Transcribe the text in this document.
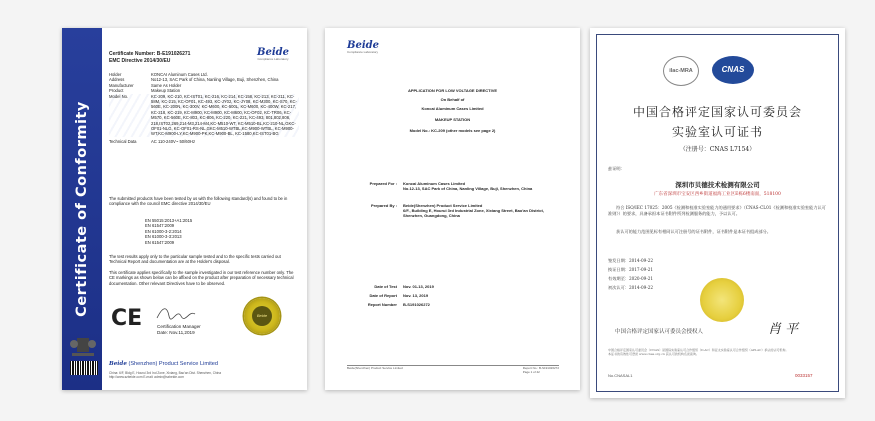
Certificate of Conformity
Certificate Number: B-E191026271
EMC Directive 2014/30/EU
Beide
Compliance Laboratory
Holder	KONCAI Aluminum Cases Ltd.
Address	No12-13, SAC Park of China, Nanling Village, Buji, Shenzhen, China
Manufacturer	Same As Holder
Product	Makeup Station
Model No.	KC-209, KC-210, KC-IST01, KC-216, KC-214, KC-158, KC-213, KC-211, KC-58M, KC-215, KC-OF01, KC-493, KC-JY02, KC-JY08, KC-M300, KC-S70, KC-560E, KC-200N, KC-300V, KC-M600, KC-500L, KC-M600, KC-400W, KC-217, KC-218, KC-219, KC-M900, KC-M900, KC-M600, KC-OF02, KC-TR06, KC-M570, KC-560E, KC-803, KC-806, KC-220, KC-221, KC-493, 801,802,806, 218,IST02,269,214-M3,214-M4,KC-M510-WT, KC-M510-BL,KC-210-NL,GKC-OF01-NLG, KC-OF01-RS-NL,GKC-M510-WTBL,KC-M900-WTBL, KC-M900-WT,KC-M900-LY,KC-M900-PK,KC-M900-BL, KC-1580,KC-IST01-BG
Technical Data	AC 110-240V~ 50/60Hz
The submitted products have been tested by us with the following standard(s) and found to be in compliance with the council EMC directive 2014/30/EU
EN 55015:2013+A1:2015
EN 61547:2009
EN 61000-3-2:2014
EN 61000-3-3:2013
EN 61547:2009
The test results apply only to the particular sample tested and to the specific tests carried out Technical Report and documentation are at the Holder's disposal.
This certificate applies specifically to the sample investigated in our test reference number only. The CE markings as shown below can be affixed on the product after preparation of necessary technical documentation. Other relevant Directives have to be observed.
CE	Certification Manager
Date: Nov.11,2019
Beide
Beide (Shenzhen) Product Service Limited
China: 6/F, Bldg E, Hourui 3rd Ind Zone, Xixiang, Bao'an Dist. Shenzhen, China
http://www.szbeide.com E-mail: admin@szbeide.com
Beide
Compliance Laboratory
APPLICATION FOR LOW VOLTAGE DIRECTIVE
On Behalf of
Koncai Aluminum Cases Limited
MAKEUP STATION
Model No.: KC-209 (other models see page 2)
Prepared For :	Koncai Aluminum Cases Limited
No.12-13, SAC Park of China, Nanling Village, Buji, Shenzhen, China
Prepared By :	Beide(Shenzhen) Product Service Limited
6/F., Building E, Hourui 3rd Industrial Zone, Xixiang Street, Bao'an District, Shenzhen, Guangdong, China
Date of Test	Nov. 01-13, 2019
Date of Report	Nov. 13, 2019
Report Number	B-S191026272
Beide(Shenzhen) Product Service Limited	Report No.: B-S191026272
Page 1 of 42
ilac-MRA	CNAS
中国合格评定国家认可委员会
实验室认可证书
（注册号：CNAS L7154）
兹证明：
深圳市贝德技术检测有限公司
广东省深圳市宝安区西乡街道福海工业区E栋6楼南面，518100
符合 ISO/IEC 17025：2005《检测和校准实验室能力的通用要求》（CNAS-CL01《检测和校准实验室能力认可准则》）的要求，具备承担本证书附件所列检测服务的能力，予以认可。
获认可的能力范围见标有相同认可注册号的证书附件，证书附件是本证书组成部分。
签发日期：2014-09-22
换证日期：2017-09-21
有效期至：2020-09-21
初次认可：2014-09-22
中国合格评定国家认可委员会授权人	肖 平
中国合格评定国家认可委员会（CNAS）是国际实验室认可合作组织（ILAC）和亚太实验室认可合作组织（APLAC）承认的认可机构。
本证书的有效性可登录 www.cnas.org.cn 获认可的机构名录查询。
No.CNASAL1	0033157
